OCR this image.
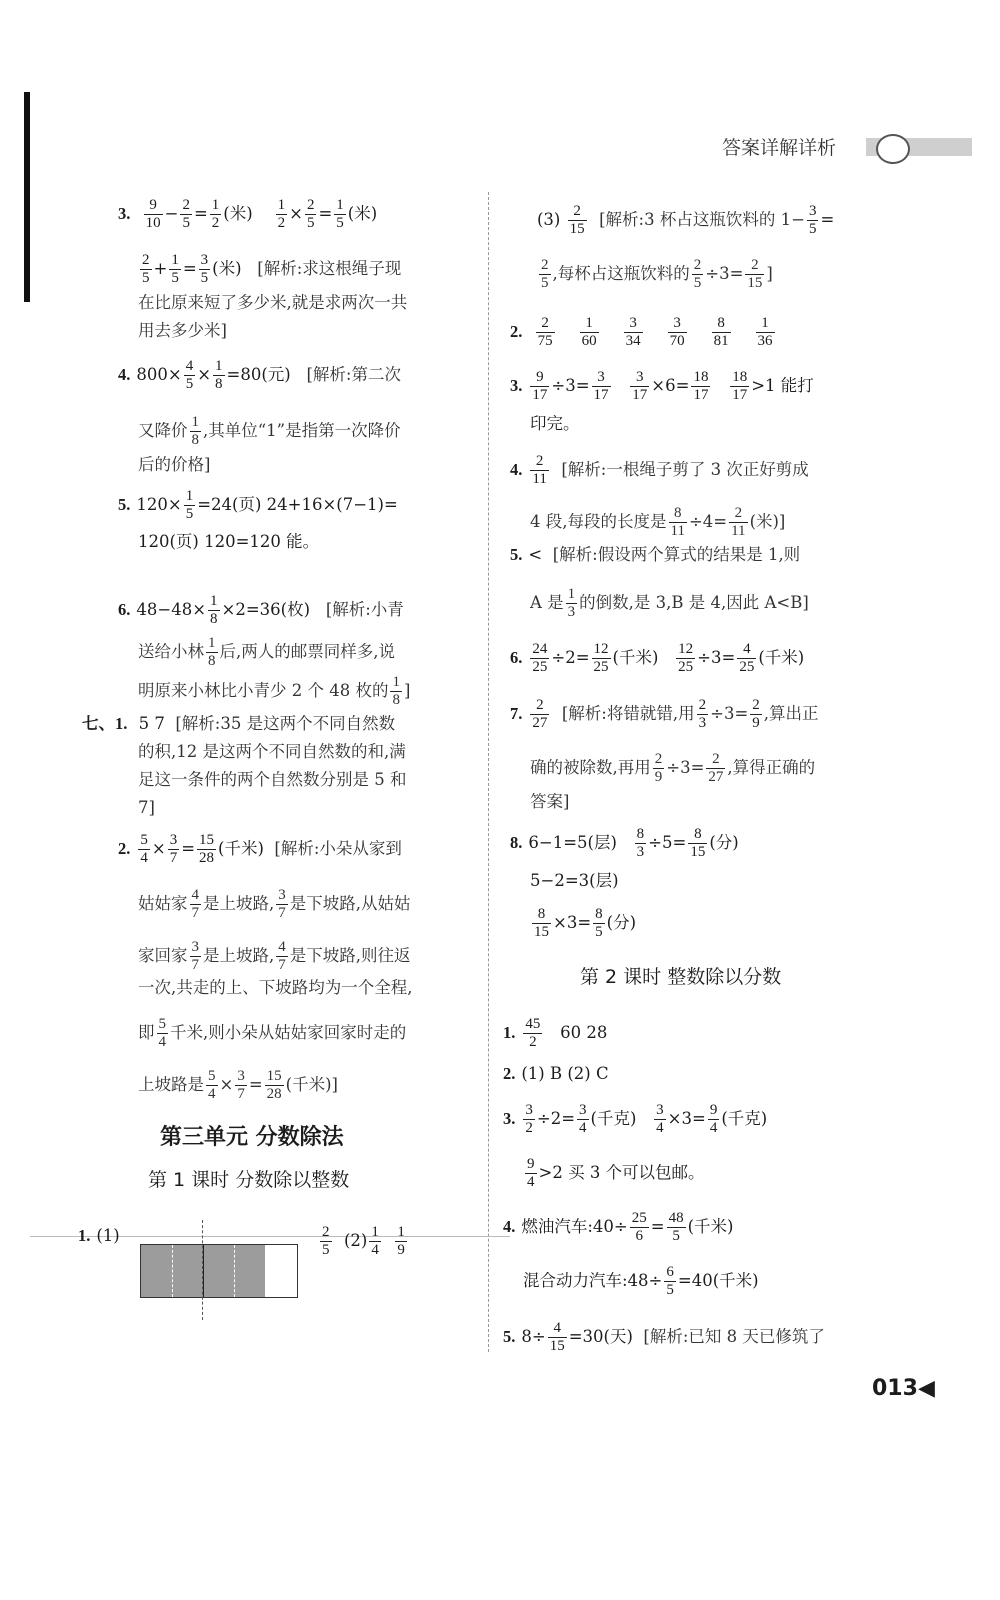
答案详解详析
3. $\frac{9}{10} - \frac{2}{5} = \frac{1}{2}$ (米) $\frac{1}{2} \times \frac{2}{5} = \frac{1}{5}$ (米)
$\frac{2}{5} + \frac{1}{5} = \frac{3}{5}$ (米) [解析:求这根绳子现
在比原来短了多少米,就是求两次一共
用去多少米]
4. $800\times \frac{4}{5} \times \frac{1}{8} =80$(元) [解析:第二次
又降价 $\frac{1}{8}$ ,其单位“1”是指第一次降价
后的价格]
5. $120\times \frac{1}{5} =24$(页) 24+16×(7−1)=
120(页) 120=120 能。
6. $48-48\times \frac{1}{8} \times 2=36$(枚) [解析:小青
送给小林 $\frac{1}{8}$ 后,两人的邮票同样多,说
明原来小林比小青少 2 个 48 枚的 $\frac{1}{8}$ ]
七、1. 5 7 [解析:35 是这两个不同自然数
的积,12 是这两个不同自然数的和,满
足这一条件的两个自然数分别是 5 和
7]
2. $\frac{5}{4} \times \frac{3}{7} = \frac{15}{28}$ (千米) [解析:小朵从家到
姑姑家 $\frac{4}{7}$ 是上坡路, $\frac{3}{7}$ 是下坡路,从姑姑
家回家 $\frac{3}{7}$ 是上坡路, $\frac{4}{7}$ 是下坡路,则往返
一次,共走的上、下坡路均为一个全程,
即 $\frac{5}{4}$ 千米,则小朵从姑姑家回家时走的
上坡路是 $\frac{5}{4} \times \frac{3}{7} = \frac{15}{28}$ (千米)]
第三单元 分数除法
第 1 课时 分数除以整数
1. (1)	$\frac{2}{5} (2) \frac{1}{4}$
$\frac{1}{9}$
$(3) \frac{2}{15}$ [解析:3 杯占这瓶饮料的 $1- \frac{3}{5}$ =
$\frac{2}{5}$ ,每杯占这瓶饮料的 $\frac{2}{5} \div 3= \frac{2}{15}$ ]
2. $\frac{2}{75}$
$\frac{1}{60}$
$\frac{3}{34}$
$\frac{3}{70}$
$\frac{8}{81}$
$\frac{1}{36}$
3. $\frac{9}{17} \div 3= \frac{3}{17}$
$\frac{3}{17} \times 6= \frac{18}{17}$
$\frac{18}{17} >1$ 能打
印完。
4. $\frac{2}{11}$ [解析:一根绳子剪了 3 次正好剪成
4 段,每段的长度是 $\frac{8}{11} \div 4= \frac{2}{11}$ (米)]
5. < [解析:假设两个算式的结果是 1,则
A 是 $\frac{1}{3}$ 的倒数,是 3,B 是 4,因此 A<B]
6. $\frac{24}{25} \div 2= \frac{12}{25}$ (千米) $\frac{12}{25} \div 3= \frac{4}{25}$ (千米)
7. $\frac{2}{27}$ [解析:将错就错,用 $\frac{2}{3} \div 3= \frac{2}{9}$ ,算出正
确的被除数,再用 $\frac{2}{9} \div 3= \frac{2}{27}$ ,算得正确的
答案]
8. 6−1=5(层) $\frac{8}{3} \div 5= \frac{8}{15}$ (分)
5−2=3(层)
$\frac{8}{15} \times 3= \frac{8}{5}$ (分)
第 2 课时 整数除以分数
1. $\frac{45}{2} 60$ 28
2. (1) B (2) C
3. $\frac{3}{2} \div 2= \frac{3}{4}$ (千克) $\frac{3}{4} \times 3= \frac{9}{4}$ (千克)
$\frac{9}{4} >2$ 买 3 个可以包邮。
4. 燃油汽车:40÷ $\frac{25}{6} = \frac{48}{5}$ (千米)
混合动力汽车:48÷ $\frac{6}{5} =40$(千米)
5. $8\div \frac{4}{15} =30$(天) [解析:已知 8 天已修筑了
013◀
